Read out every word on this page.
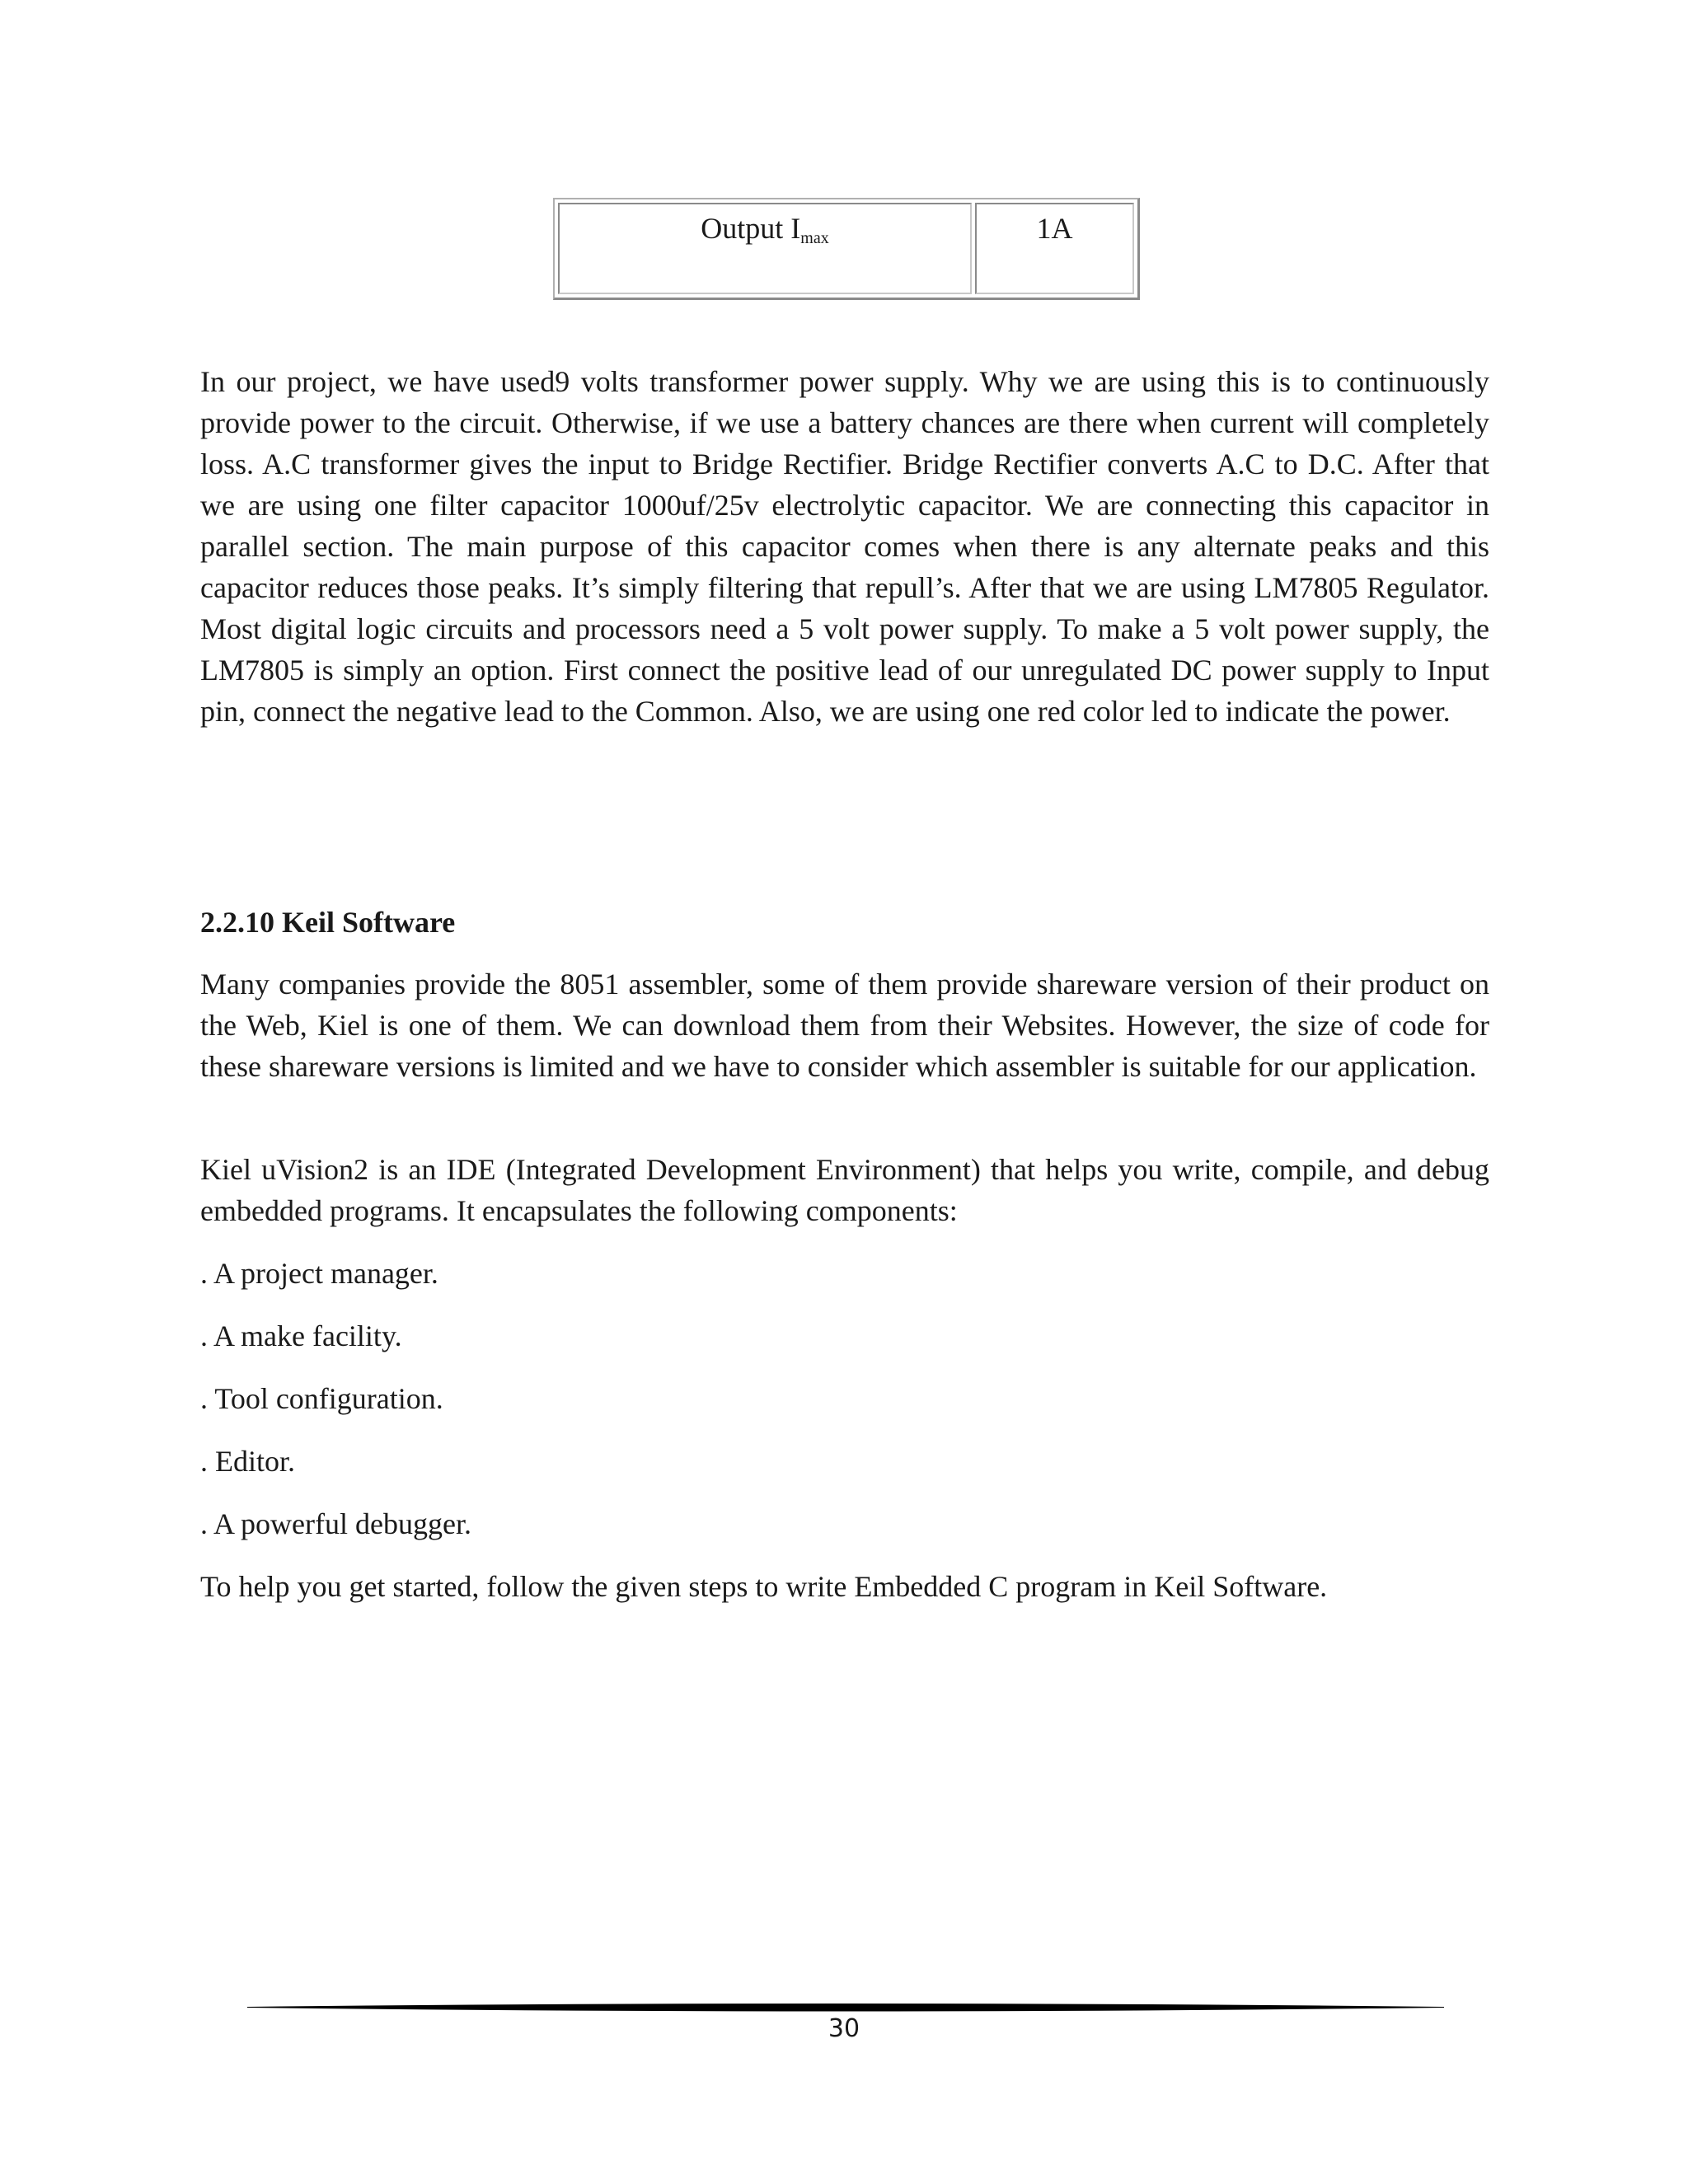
Output $I_{max}$	1A

In our project, we have used9 volts transformer power supply. Why we are using this is to continuously provide power to the circuit. Otherwise, if we use a battery chances are there when current will completely loss. A.C transformer gives the input to Bridge Rectifier. Bridge Rectifier converts A.C to D.C. After that we are using one filter capacitor 1000uf/25v electrolytic capacitor. We are connecting this capacitor in parallel section. The main purpose of this capacitor comes when there is any alternate peaks and this capacitor reduces those peaks. It’s simply filtering that repull’s. After that we are using LM7805 Regulator. Most digital logic circuits and processors need a 5 volt power supply. To make a 5 volt power supply, the LM7805 is simply an option. First connect the positive lead of our unregulated DC power supply to Input pin, connect the negative lead to the Common. Also, we are using one red color led to indicate the power.

2.2.10 Keil Software

Many companies provide the 8051 assembler, some of them provide shareware version of their product on the Web, Kiel is one of them. We can download them from their Websites. However, the size of code for these shareware versions is limited and we have to consider which assembler is suitable for our application.

Kiel uVision2 is an IDE (Integrated Development Environment) that helps you write, compile, and debug embedded programs. It encapsulates the following components:

. A project manager.

. A make facility.

. Tool configuration.

. Editor.

. A powerful debugger.

To help you get started, follow the given steps to write Embedded C program in Keil Software.

30
